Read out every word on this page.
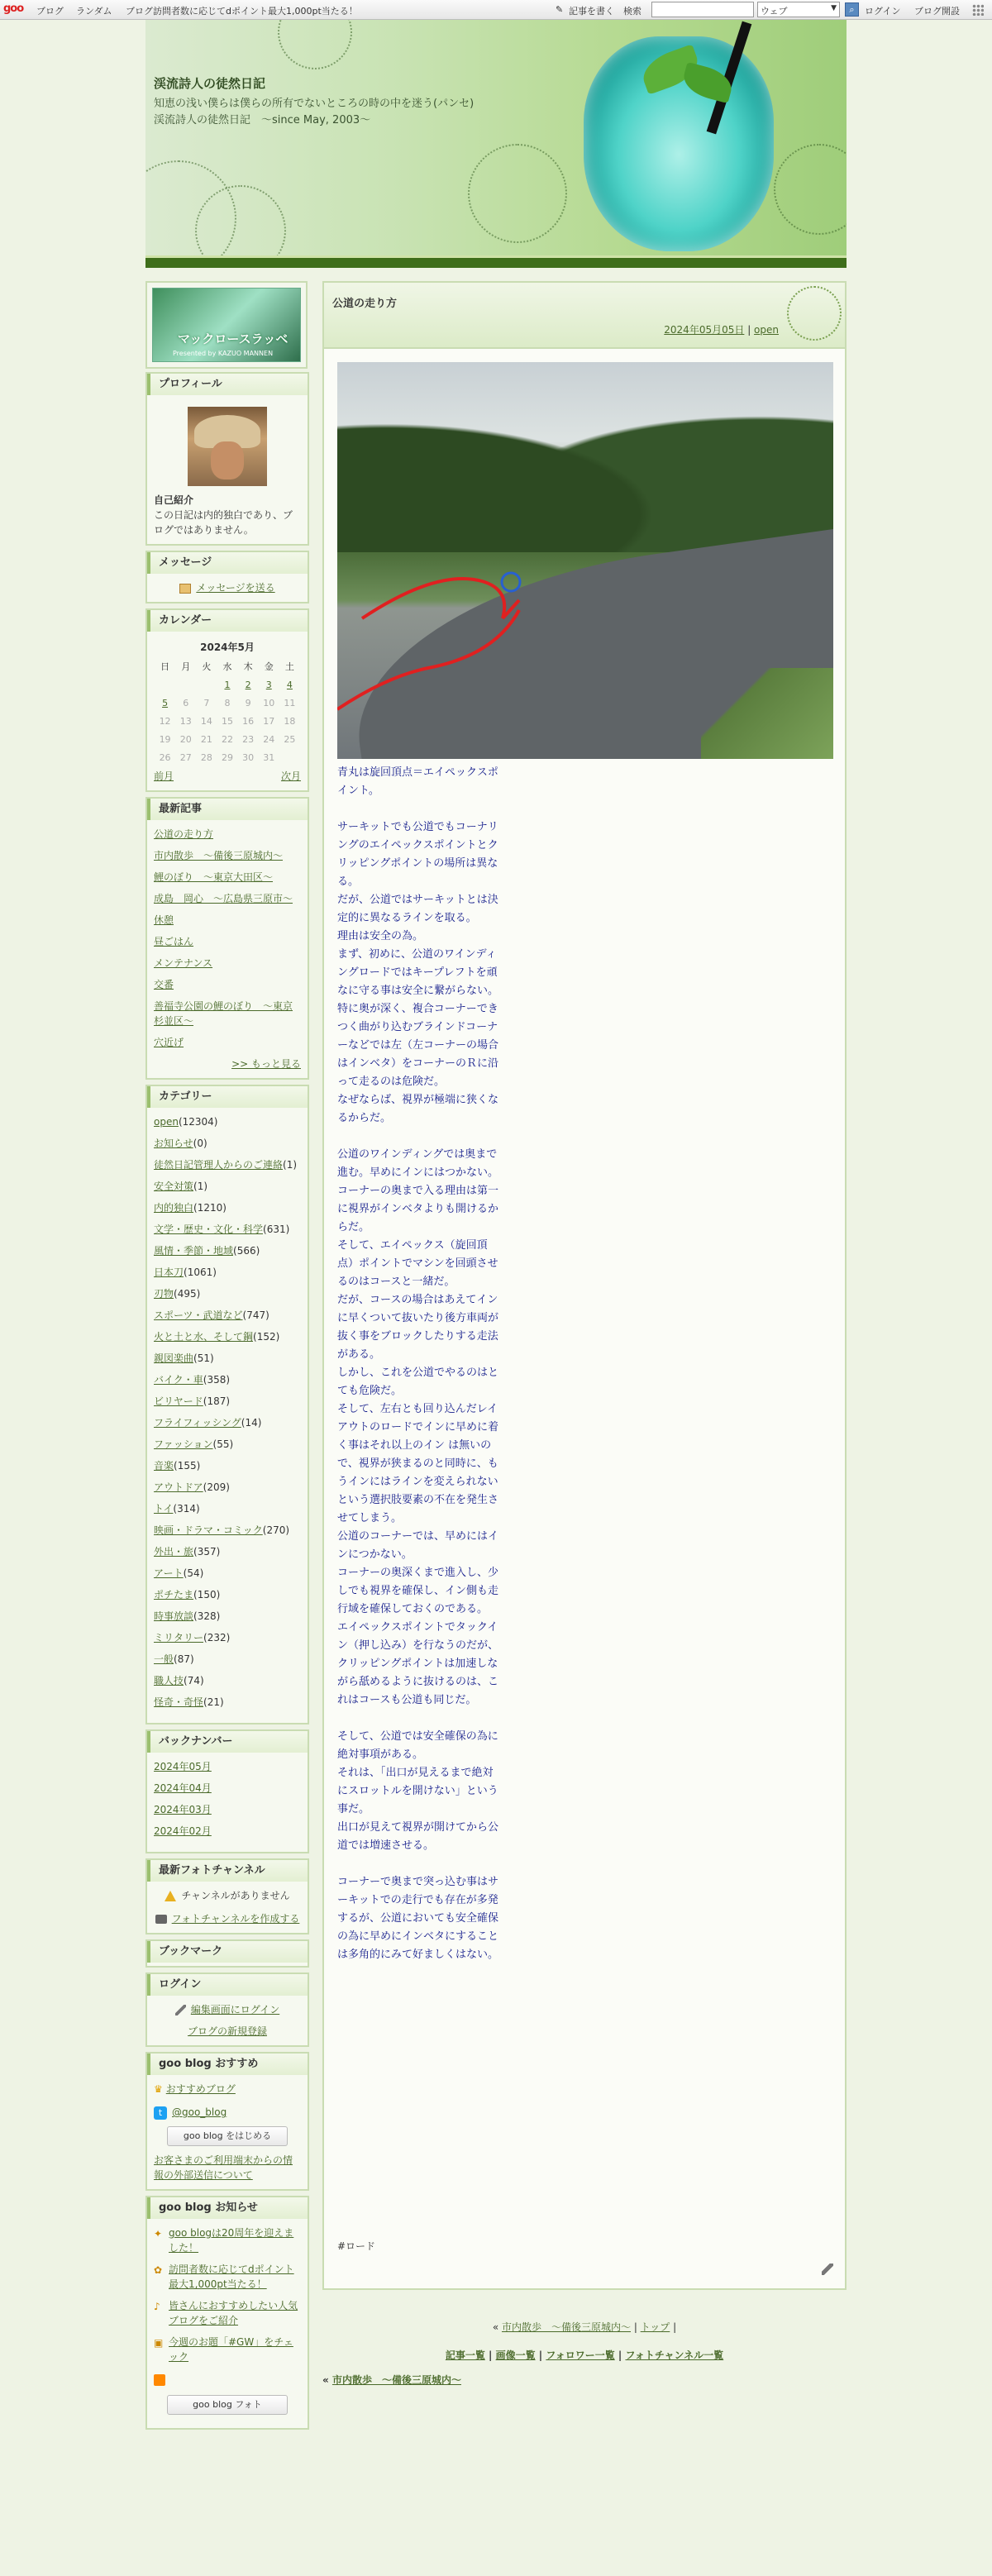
goo ブログ ランダム ブログ訪問者数に応じてdポイント最大1,000pt当たる！	✎ 記事を書く 検索	ウェブ	▼	⌕	ログイン ブログ開設
渓流詩人の徒然日記
知恵の浅い僕らは僕らの所有でないところの時の中を迷う(パンセ)　渓流詩人の徒然日記　～since May, 2003～
マックロースラッベ
Presented by KAZUO MANNEN
プロフィール
自己紹介
この日記は内的独白であり、ブログではありません。
メッセージ
メッセージを送る
カレンダー
2024年5月
日	月	火	水	木	金	土
			1	2	3	4
5	6	7	8	9	10	11
12	13	14	15	16	17	18
19	20	21	22	23	24	25
26	27	28	29	30	31	
前月	次月
最新記事
公道の走り方
市内散歩　～備後三原城内～
鯉のぼり　～東京大田区～
成島　岡心　～広島県三原市～
休憩
昼ごはん
メンテナンス
交番
善福寺公園の鯉のぼり　～東京杉並区～
穴近げ
>> もっと見る
カテゴリー
open(12304)
お知らせ(0)
徒然日記管理人からのご連絡(1)
安全対策(1)
内的独白(1210)
文学・歴史・文化・科学(631)
風情・季節・地域(566)
日本刀(1061)
刃物(495)
スポーツ・武道など(747)
火と土と水、そして鋼(152)
親図楽曲(51)
バイク・車(358)
ビリヤード(187)
フライフィッシング(14)
ファッション(55)
音楽(155)
アウトドア(209)
トイ(314)
映画・ドラマ・コミック(270)
外出・旅(357)
アート(54)
ポチたま(150)
時事放談(328)
ミリタリー(232)
一般(87)
職人技(74)
怪奇・奇怪(21)
バックナンバー
2024年05月
2024年04月
2024年03月
2024年02月
最新フォトチャンネル
チャンネルがありません
フォトチャンネルを作成する
ブックマーク
ログイン
編集画面にログイン
ブログの新規登録
goo blog おすすめ
♛ おすすめブログ
t @goo_blog
goo blog をはじめる
お客さまのご利用端末からの情報の外部送信について
goo blog お知らせ
✦ goo blogは20周年を迎えました！
✿ 訪問者数に応じてdポイント最大1,000pt当たる！
♪ 皆さんにおすすめしたい人気ブログをご紹介
▣ 今週のお題「#GW」をチェック
goo blog フォト
公道の走り方
2024年05月05日 | open
青丸は旋回頂点＝エイペックスポイント。

サーキットでも公道でもコーナリングのエイペックスポイントとクリッピングポイントの場所は異なる。
だが、公道ではサーキットとは決定的に異なるラインを取る。
理由は安全の為。
まず、初めに、公道のワインディングロードではキープレフトを頑なに守る事は安全に繋がらない。
特に奥が深く、複合コーナーできつく曲がり込むブラインドコーナーなどでは左（左コーナーの場合はインベタ）をコーナーのＲに沿って走るのは危険だ。
なぜならば、視界が極端に狭くなるからだ。

公道のワインディングでは奥まで進む。早めにインにはつかない。
コーナーの奥まで入る理由は第一に視界がインベタよりも開けるからだ。
そして、エイペックス（旋回頂点）ポイントでマシンを回頭させるのはコースと一緒だ。
だが、コースの場合はあえてインに早くついて抜いたり後方車両が抜く事をブロックしたりする走法がある。
しかし、これを公道でやるのはとても危険だ。
そして、左右とも回り込んだレイアウトのロードでインに早めに着く事はそれ以上のイン は無いので、視界が狭まるのと同時に、もうインにはラインを変えられないという選択肢要素の不在を発生させてしまう。
公道のコーナーでは、早めにはインにつかない。
コーナーの奥深くまで進入し、少しでも視界を確保し、イン側も走行域を確保しておくのである。
エイペックスポイントでタックイン（押し込み）を行なうのだが、クリッピングポイントは加速しながら舐めるように抜けるのは、これはコースも公道も同じだ。

そして、公道では安全確保の為に絶対事項がある。
それは、「出口が見えるまで絶対にスロットルを開けない」という事だ。
出口が見えて視界が開けてから公道では増速させる。

コーナーで奥まで突っ込む事はサーキットでの走行でも存在が多発するが、公道においても安全確保の為に早めにインベタにすることは多角的にみて好ましくはない。
#ロード
« 市内散歩　～備後三原城内～ | トップ |
記事一覧 | 画像一覧 | フォロワー一覧 | フォトチャンネル一覧
« 市内散歩　～備後三原城内～
